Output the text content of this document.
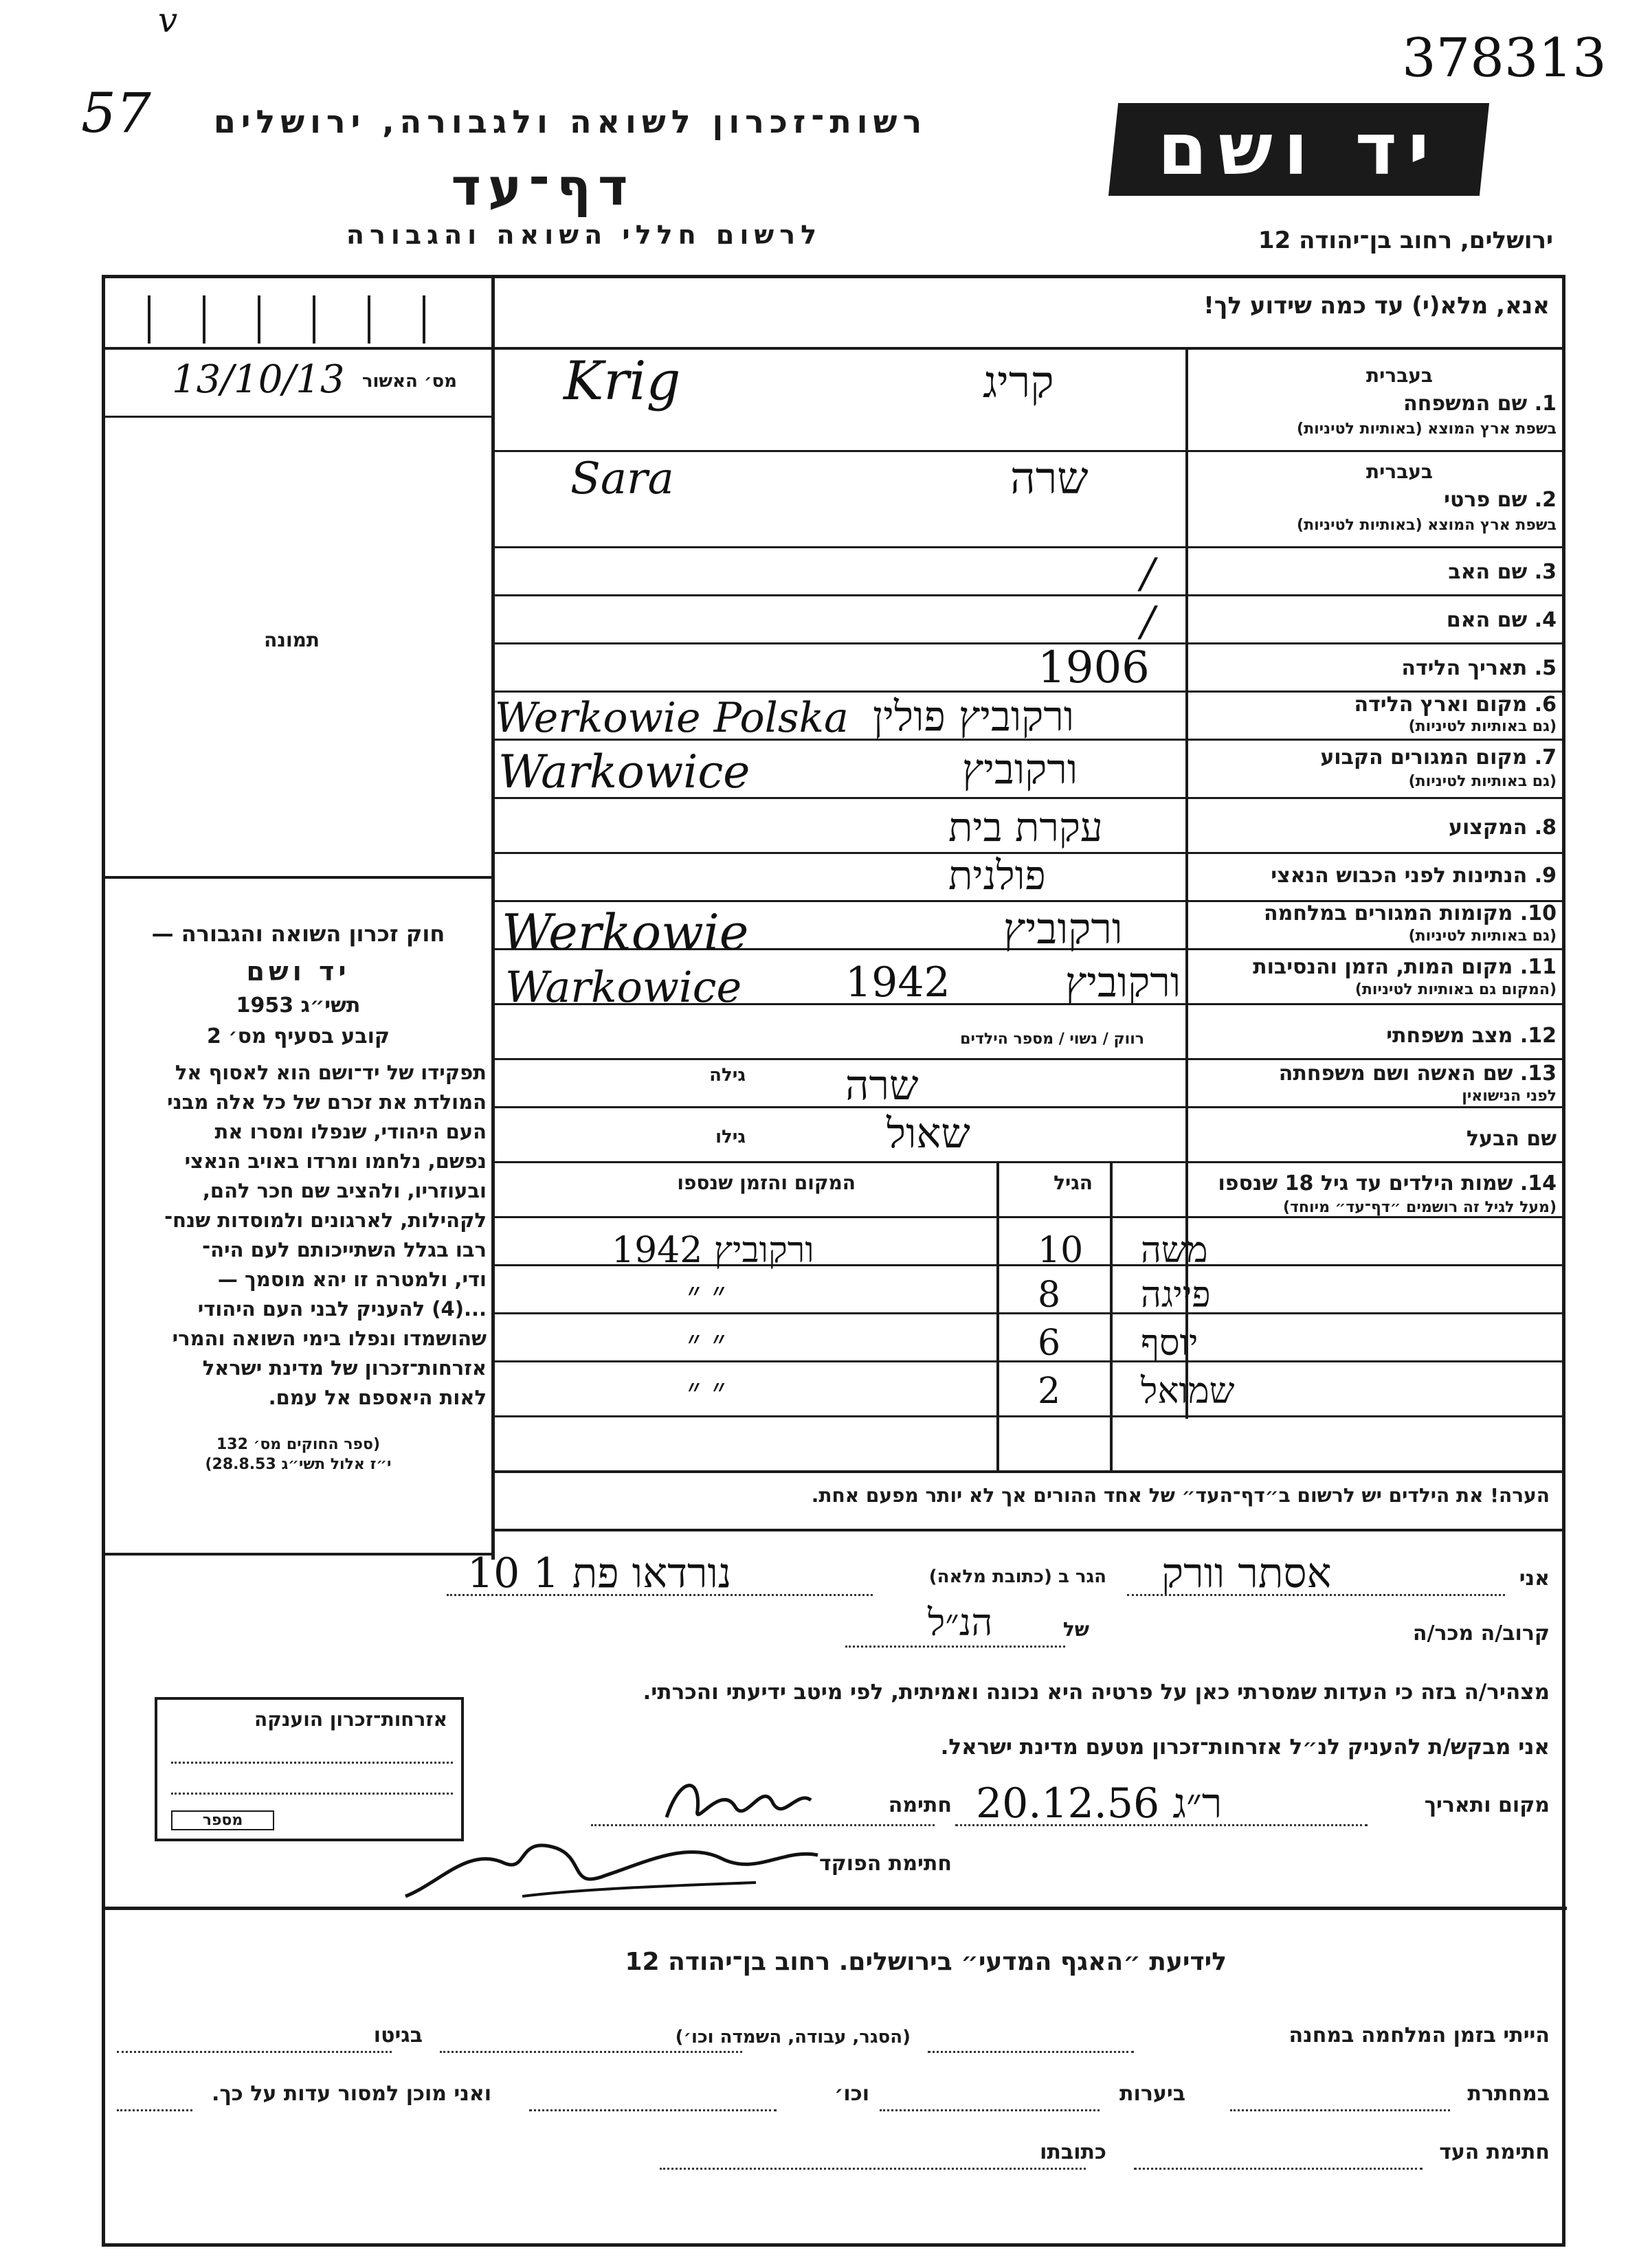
57
v
378313
רשות־זכרון לשואה ולגבורה, ירושלים
דף־עד
לרשום חללי השואה והגבורה
יד ושם
ירושלים, רחוב בן־יהודה 12
אנא, מלא(י) עד כמה שידוע לך!
מס׳ האשור
13/10/13
תמונה
חוק זכרון השואה והגבורה —
יד ושם
תשי״ג 1953
קובע בסעיף מס׳ 2
תפקידו של יד־ושם הוא לאסוף אל
המולדת את זכרם של כל אלה מבני
העם היהודי, שנפלו ומסרו את
נפשם, נלחמו ומרדו באויב הנאצי
ובעוזריו, ולהציב שם חכר להם,
לקהילות, לארגונים ולמוסדות שנח־
רבו בגלל השתייכותם לעם היה־
ודי, ולמטרה זו יהא מוסמך —
...(4) להעניק לבני העם היהודי
שהושמדו ונפלו בימי השואה והמרי
אזרחות־זכרון של מדינת ישראל
לאות היאספם אל עמם.
(ספר החוקים מס׳ 132
י״ז אלול תשי״ג 28.8.53)
בעברית
1. שם המשפחה
בשפת ארץ המוצא (באותיות לטיניות)
קריג
Krig
בעברית
2. שם פרטי
בשפת ארץ המוצא (באותיות לטיניות)
שרה
Sara
3. שם האב
/
4. שם האם
/
5. תאריך הלידה
1906
6. מקום וארץ הלידה
(גם באותיות לטיניות)
ורקוביץ פולין
Werkowie Polska
7. מקום המגורים הקבוע
(גם באותיות לטיניות)
ורקוביץ
Warkowice
8. המקצוע
עקרת בית
9. הנתינות לפני הכבוש הנאצי
פולנית
10. מקומות המגורים במלחמה
(גם באותיות לטיניות)
ורקוביץ
Werkowie
11. מקום המות, הזמן והנסיבות
(המקום גם באותיות לטיניות)
ורקוביץ
1942
Warkowice
12. מצב משפחתי
רווק / נשוי / מספר הילדים
13. שם האשה ושם משפחתה
לפני הנישואין
גילה שרה
שם הבעל
גילו	שאול
14. שמות הילדים עד גיל 18 שנספו
(מעל לגיל זה רושמים ״דף־עד״ מיוחד)
הגיל
המקום והזמן שנספו
משה
10
ורקוביץ 1942
פייגה
8
״ ״
יוסף
6
״ ״
שמואל
2
״ ״
הערה! את הילדים יש לרשום ב״דף־העד״ של אחד ההורים אך לא יותר מפעם אחת.
אני
אסתר וורק
הגר ב (כתובת מלאה)
נורדאו פת 1 10
קרוב/ה מכר/ה
של
הנ״ל
מצהיר/ה בזה כי העדות שמסרתי כאן על פרטיה היא נכונה ואמיתית, לפי מיטב ידיעתי והכרתי.
אני מבקש/ת להעניק לנ״ל אזרחות־זכרון מטעם מדינת ישראל.
מקום ותאריך
ר״ג 20.12.56
חתימה
חתימת הפוקד
אזרחות־זכרון הוענקה
מספר
לידיעת ״האגף המדעי״ בירושלים. רחוב בן־יהודה 12
הייתי בזמן המלחמה במחנה
(הסגר, עבודה, השמדה וכו׳)
בגיטו
במחתרת
ביערות
וכו׳
ואני מוכן למסור עדות על כך.
חתימת העד
כתובתו
